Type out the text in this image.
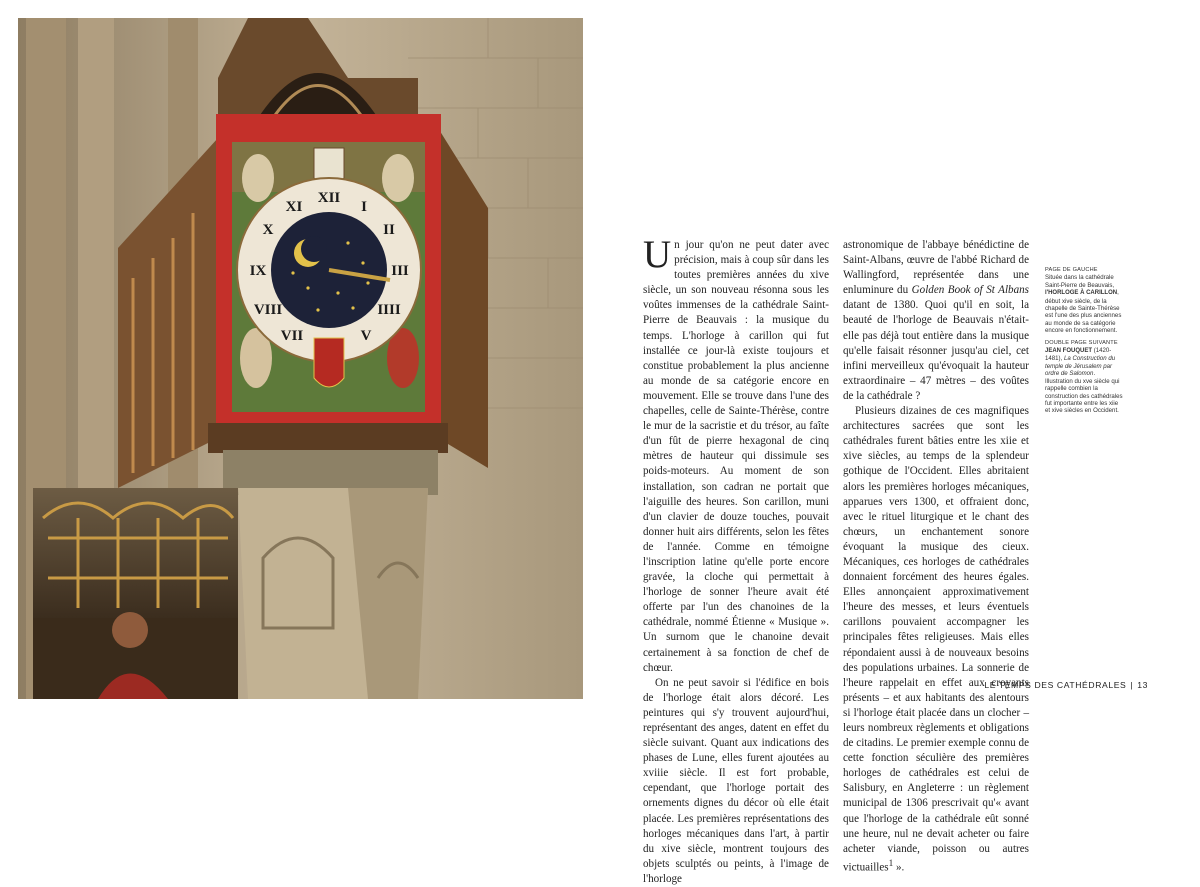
XII
I
II
III
IIII
V
VII
VIII
IX
X
XI

Un jour qu'on ne peut dater avec précision, mais à coup sûr dans les toutes premières années du xive siècle, un son nouveau résonna sous les voûtes immenses de la cathédrale Saint-Pierre de Beauvais : la musique du temps. L'horloge à carillon qui fut installée ce jour-là existe toujours et constitue probablement la plus ancienne au monde de sa catégorie encore en mouvement. Elle se trouve dans l'une des chapelles, celle de Sainte-Thérèse, contre le mur de la sacristie et du trésor, au faîte d'un fût de pierre hexagonal de cinq mètres de hauteur qui dissimule ses poids-moteurs. Au moment de son installation, son cadran ne portait que l'aiguille des heures. Son carillon, muni d'un clavier de douze touches, pouvait donner huit airs différents, selon les fêtes de l'année. Comme en témoigne l'inscription latine qu'elle porte encore gravée, la cloche qui permettait à l'horloge de sonner l'heure avait été offerte par l'un des chanoines de la cathédrale, nommé Étienne « Musique ». Un surnom que le chanoine devait certainement à sa fonction de chef de chœur.

On ne peut savoir si l'édifice en bois de l'horloge était alors décoré. Les peintures qui s'y trouvent aujourd'hui, représentant des anges, datent en effet du siècle suivant. Quant aux indications des phases de Lune, elles furent ajoutées au xviiie siècle. Il est fort probable, cependant, que l'horloge portait des ornements dignes du décor où elle était placée. Les premières représentations des horloges mécaniques dans l'art, à partir du xive siècle, montrent toujours des objets sculptés ou peints, à l'image de l'horloge

astronomique de l'abbaye bénédictine de Saint-Albans, œuvre de l'abbé Richard de Wallingford, représentée dans une enluminure du Golden Book of St Albans datant de 1380. Quoi qu'il en soit, la beauté de l'horloge de Beauvais n'était-elle pas déjà tout entière dans la musique qu'elle faisait résonner jusqu'au ciel, cet infini merveilleux qu'évoquait la hauteur extraordinaire – 47 mètres – des voûtes de la cathédrale ?

Plusieurs dizaines de ces magnifiques architectures sacrées que sont les cathédrales furent bâties entre les xiie et xive siècles, au temps de la splendeur gothique de l'Occident. Elles abritaient alors les premières horloges mécaniques, apparues vers 1300, et offraient donc, avec le rituel liturgique et le chant des chœurs, un enchantement sonore évoquant la musique des cieux. Mécaniques, ces horloges de cathédrales donnaient forcément des heures égales. Elles annonçaient approximativement l'heure des messes, et leurs éventuels carillons pouvaient accompagner les principales fêtes religieuses. Mais elles répondaient aussi à de nouveaux besoins des populations urbaines. La sonnerie de l'heure rappelait en effet aux croyants présents – et aux habitants des alentours si l'horloge était placée dans un clocher – leurs nombreux règlements et obligations de citadins. Le premier exemple connu de cette fonction séculière des premières horloges de cathédrales est celui de Salisbury, en Angleterre : un règlement municipal de 1306 prescrivait qu'« avant que l'horloge de la cathédrale eût sonné une heure, nul ne devait acheter ou faire acheter viande, poisson ou autres victuailles$^1$ ».

PAGE DE GAUCHE
Située dans la cathédrale Saint-Pierre de Beauvais, l'HORLOGE À CARILLON, début xive siècle, de la chapelle de Sainte-Thérèse est l'une des plus anciennes au monde de sa catégorie encore en fonctionnement.

DOUBLE PAGE SUIVANTE
JEAN FOUQUET (1420-1481), La Construction du temple de Jérusalem par ordre de Salomon. Illustration du xve siècle qui rappelle combien la construction des cathédrales fut importante entre les xiie et xive siècles en Occident.

LE TEMPS DES CATHÉDRALES | 13
